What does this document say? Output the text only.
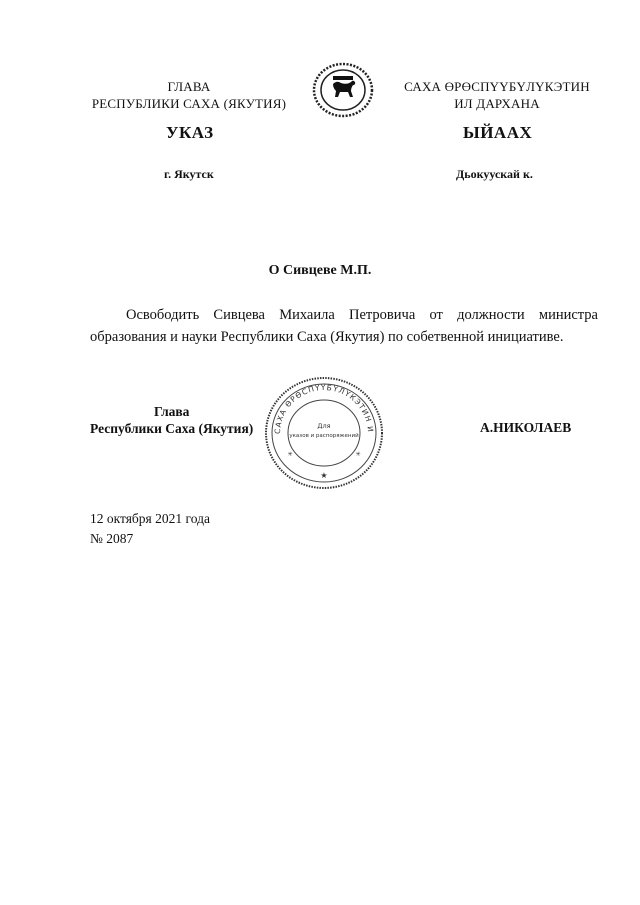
ГЛАВА
РЕСПУБЛИКИ САХА (ЯКУТИЯ)
САХА ӨРӨСПҮҮБҮЛҮКЭТИН
ИЛ ДАРХАНА
УКАЗ	ЫЙААХ
г. Якутск	Дьокуускай к.
О Сивцеве М.П.

Освободить Сивцева Михаила Петровича от должности министра образования и науки Республики Саха (Якутия) по собетвенной инициативе.

Глава
Республики Саха (Якутия)	САХА ӨРӨСПҮҮБҮЛҮКЭТИН И
Для
указов и распоряжений
★
✳
✳
А.НИКОЛАЕВ
12 октября 2021 года
№ 2087
